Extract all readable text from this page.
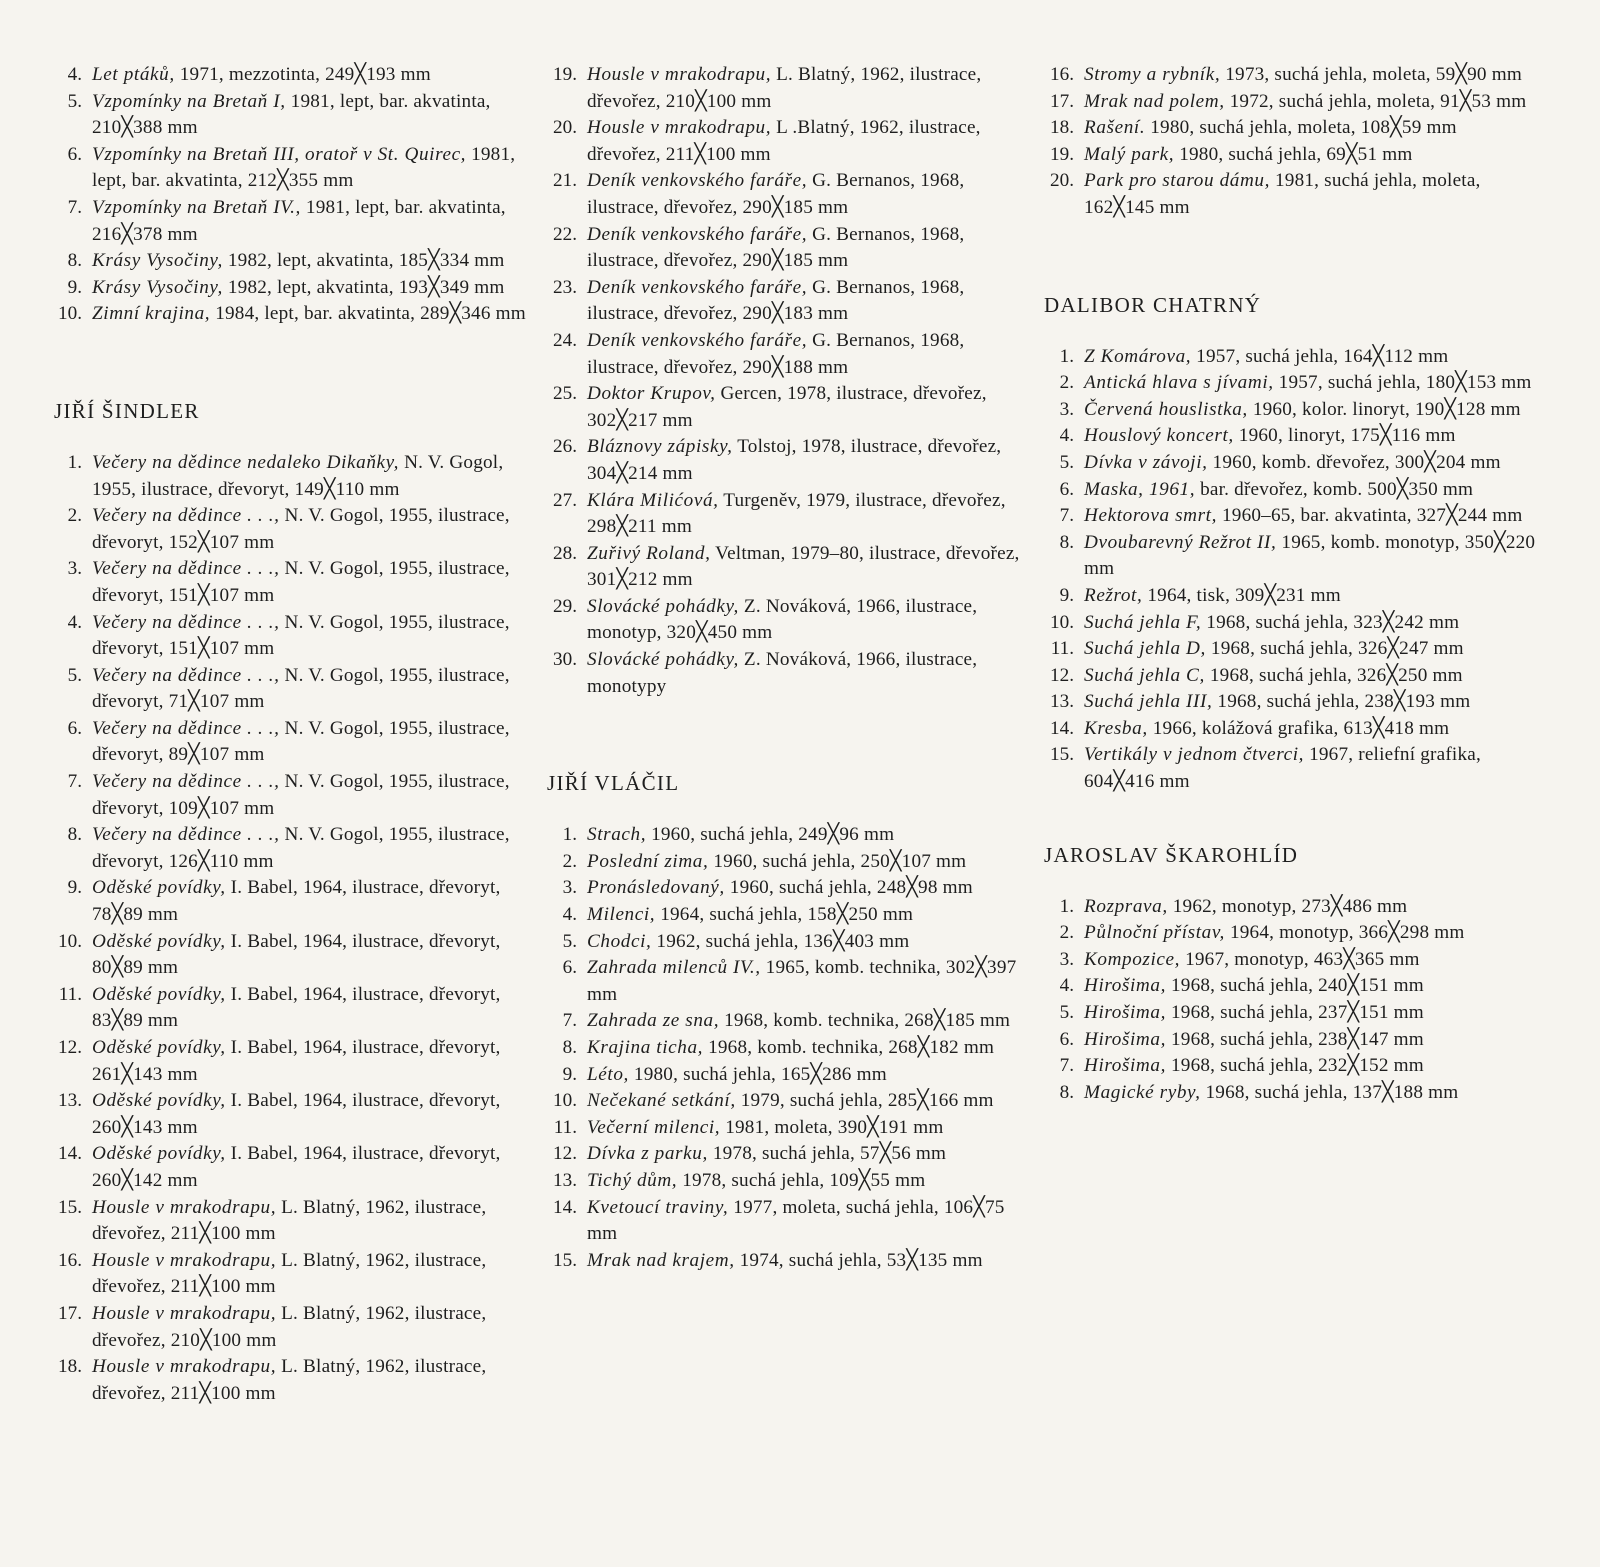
4. Let ptáků, 1971, mezzotinta, 249╳193 mm
5. Vzpomínky na Bretaň I, 1981, lept, bar. akvatinta, 210╳388 mm
6. Vzpomínky na Bretaň III, oratoř v St. Quirec, 1981, lept, bar. akvatinta, 212╳355 mm
7. Vzpomínky na Bretaň IV., 1981, lept, bar. akvatinta, 216╳378 mm
8. Krásy Vysočiny, 1982, lept, akvatinta, 185╳334 mm
9. Krásy Vysočiny, 1982, lept, akvatinta, 193╳349 mm
10. Zimní krajina, 1984, lept, bar. akvatinta, 289╳346 mm
JIŘÍ ŠINDLER
1. Večery na dědince nedaleko Dikaňky, N. V. Gogol, 1955, ilustrace, dřevoryt, 149╳110 mm
2. Večery na dědince . . ., N. V. Gogol, 1955, ilustrace, dřevoryt, 152╳107 mm
3. Večery na dědince . . ., N. V. Gogol, 1955, ilustrace, dřevoryt, 151╳107 mm
4. Večery na dědince . . ., N. V. Gogol, 1955, ilustrace, dřevoryt, 151╳107 mm
5. Večery na dědince . . ., N. V. Gogol, 1955, ilustrace, dřevoryt, 71╳107 mm
6. Večery na dědince . . ., N. V. Gogol, 1955, ilustrace, dřevoryt, 89╳107 mm
7. Večery na dědince . . ., N. V. Gogol, 1955, ilustrace, dřevoryt, 109╳107 mm
8. Večery na dědince . . ., N. V. Gogol, 1955, ilustrace, dřevoryt, 126╳110 mm
9. Oděské povídky, I. Babel, 1964, ilustrace, dřevoryt, 78╳89 mm
10. Oděské povídky, I. Babel, 1964, ilustrace, dřevoryt, 80╳89 mm
11. Oděské povídky, I. Babel, 1964, ilustrace, dřevoryt, 83╳89 mm
12. Oděské povídky, I. Babel, 1964, ilustrace, dřevoryt, 261╳143 mm
13. Oděské povídky, I. Babel, 1964, ilustrace, dřevoryt, 260╳143 mm
14. Oděské povídky, I. Babel, 1964, ilustrace, dřevoryt, 260╳142 mm
15. Housle v mrakodrapu, L. Blatný, 1962, ilustrace, dřevořez, 211╳100 mm
16. Housle v mrakodrapu, L. Blatný, 1962, ilustrace, dřevořez, 211╳100 mm
17. Housle v mrakodrapu, L. Blatný, 1962, ilustrace, dřevořez, 210╳100 mm
18. Housle v mrakodrapu, L. Blatný, 1962, ilustrace, dřevořez, 211╳100 mm
19. Housle v mrakodrapu, L. Blatný, 1962, ilustrace, dřevořez, 210╳100 mm
20. Housle v mrakodrapu, L .Blatný, 1962, ilustrace, dřevořez, 211╳100 mm
21. Deník venkovského faráře, G. Bernanos, 1968, ilustrace, dřevořez, 290╳185 mm
22. Deník venkovského faráře, G. Bernanos, 1968, ilustrace, dřevořez, 290╳185 mm
23. Deník venkovského faráře, G. Bernanos, 1968, ilustrace, dřevořez, 290╳183 mm
24. Deník venkovského faráře, G. Bernanos, 1968, ilustrace, dřevořez, 290╳188 mm
25. Doktor Krupov, Gercen, 1978, ilustrace, dřevořez, 302╳217 mm
26. Bláznovy zápisky, Tolstoj, 1978, ilustrace, dřevořez, 304╳214 mm
27. Klára Milićová, Turgeněv, 1979, ilustrace, dřevořez, 298╳211 mm
28. Zuřivý Roland, Veltman, 1979–80, ilustrace, dřevořez, 301╳212 mm
29. Slovácké pohádky, Z. Nováková, 1966, ilustrace, monotyp, 320╳450 mm
30. Slovácké pohádky, Z. Nováková, 1966, ilustrace, monotypy
JIŘÍ VLÁČIL
1. Strach, 1960, suchá jehla, 249╳96 mm
2. Poslední zima, 1960, suchá jehla, 250╳107 mm
3. Pronásledovaný, 1960, suchá jehla, 248╳98 mm
4. Milenci, 1964, suchá jehla, 158╳250 mm
5. Chodci, 1962, suchá jehla, 136╳403 mm
6. Zahrada milenců IV., 1965, komb. technika, 302╳397 mm
7. Zahrada ze sna, 1968, komb. technika, 268╳185 mm
8. Krajina ticha, 1968, komb. technika, 268╳182 mm
9. Léto, 1980, suchá jehla, 165╳286 mm
10. Nečekané setkání, 1979, suchá jehla, 285╳166 mm
11. Večerní milenci, 1981, moleta, 390╳191 mm
12. Dívka z parku, 1978, suchá jehla, 57╳56 mm
13. Tichý dům, 1978, suchá jehla, 109╳55 mm
14. Kvetoucí traviny, 1977, moleta, suchá jehla, 106╳75 mm
15. Mrak nad krajem, 1974, suchá jehla, 53╳135 mm
16. Stromy a rybník, 1973, suchá jehla, moleta, 59╳90 mm
17. Mrak nad polem, 1972, suchá jehla, moleta, 91╳53 mm
18. Rašení. 1980, suchá jehla, moleta, 108╳59 mm
19. Malý park, 1980, suchá jehla, 69╳51 mm
20. Park pro starou dámu, 1981, suchá jehla, moleta, 162╳145 mm
DALIBOR CHATRNÝ
1. Z Komárova, 1957, suchá jehla, 164╳112 mm
2. Antická hlava s jívami, 1957, suchá jehla, 180╳153 mm
3. Červená houslistka, 1960, kolor. linoryt, 190╳128 mm
4. Houslový koncert, 1960, linoryt, 175╳116 mm
5. Dívka v závoji, 1960, komb. dřevořez, 300╳204 mm
6. Maska, 1961, bar. dřevořez, komb. 500╳350 mm
7. Hektorova smrt, 1960–65, bar. akvatinta, 327╳244 mm
8. Dvoubarevný Režrot II, 1965, komb. monotyp, 350╳220 mm
9. Režrot, 1964, tisk, 309╳231 mm
10. Suchá jehla F, 1968, suchá jehla, 323╳242 mm
11. Suchá jehla D, 1968, suchá jehla, 326╳247 mm
12. Suchá jehla C, 1968, suchá jehla, 326╳250 mm
13. Suchá jehla III, 1968, suchá jehla, 238╳193 mm
14. Kresba, 1966, kolážová grafika, 613╳418 mm
15. Vertikály v jednom čtverci, 1967, reliefní grafika, 604╳416 mm
JAROSLAV ŠKAROHLÍD
1. Rozprava, 1962, monotyp, 273╳486 mm
2. Půlnoční přístav, 1964, monotyp, 366╳298 mm
3. Kompozice, 1967, monotyp, 463╳365 mm
4. Hirošima, 1968, suchá jehla, 240╳151 mm
5. Hirošima, 1968, suchá jehla, 237╳151 mm
6. Hirošima, 1968, suchá jehla, 238╳147 mm
7. Hirošima, 1968, suchá jehla, 232╳152 mm
8. Magické ryby, 1968, suchá jehla, 137╳188 mm
